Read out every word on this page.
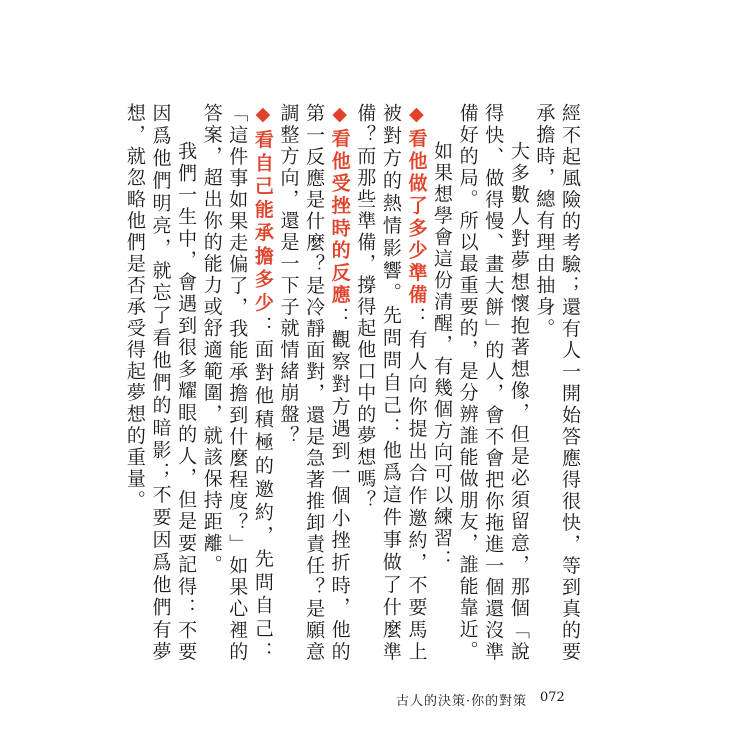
經不起風險的考驗；還有人一開始答應得很快，等到真的要承擔時，總有理由抽身。

大多數人對夢想懷抱著想像，但是必須留意，那個「說得快、做得慢、畫大餅」的人，會不會把你拖進一個還沒準備好的局。所以最重要的，是分辨誰能做朋友，誰能靠近。

如果想學會這份清醒，有幾個方向可以練習：

◆看他做了多少準備：有人向你提出合作邀約，不要馬上被對方的熱情影響。先問問自己：他爲這件事做了什麼準備？而那些準備，撐得起他口中的夢想嗎？

◆看他受挫時的反應：觀察對方遇到一個小挫折時，他的第一反應是什麼？是冷靜面對，還是急著推卸責任？是願意調整方向，還是一下子就情緒崩盤？

◆看自己能承擔多少：面對他積極的邀約，先問自己：「這件事如果走偏了，我能承擔到什麼程度？」如果心裡的答案，超出你的能力或舒適範圍，就該保持距離。

我們一生中，會遇到很多耀眼的人，但是要記得：不要因爲他們明亮，就忘了看他們的暗影；不要因爲他們有夢想，就忽略他們是否承受得起夢想的重量。

古人的決策·你的對策 072
